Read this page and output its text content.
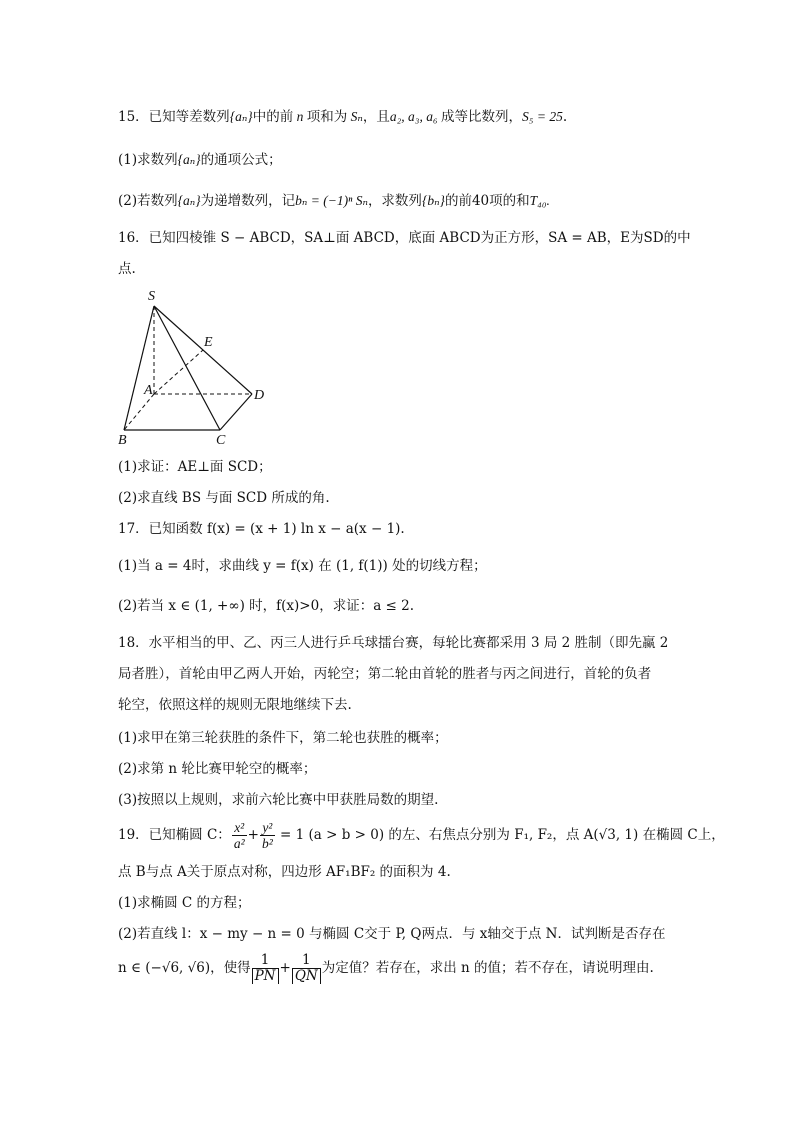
15．已知等差数列{aₙ}中的前 n 项和为 Sₙ，且a₂, a₃, a₆ 成等比数列，S₅ = 25.
(1)求数列{aₙ}的通项公式；
(2)若数列{aₙ}为递增数列，记bₙ = (−1)ⁿ Sₙ，求数列{bₙ}的前40项的和T₄₀.
16．已知四棱锥 S − ABCD，SA⊥面 ABCD，底面 ABCD为正方形，SA = AB，E为SD的中
点.
S
E
A	D
B	C
(1)求证：AE⊥面 SCD；
(2)求直线 BS 与面 SCD 所成的角.
17．已知函数 f(x) = (x + 1) ln x − a(x − 1).
(1)当 a = 4时，求曲线 y = f(x) 在 (1, f(1)) 处的切线方程；
(2)若当 x ∈ (1, +∞) 时，f(x)>0，求证：a ≤ 2.
18．水平相当的甲、乙、丙三人进行乒乓球擂台赛，每轮比赛都采用 3 局 2 胜制（即先赢 2
局者胜），首轮由甲乙两人开始，丙轮空；第二轮由首轮的胜者与丙之间进行，首轮的负者
轮空，依照这样的规则无限地继续下去.
(1)求甲在第三轮获胜的条件下，第二轮也获胜的概率；
(2)求第 n 轮比赛甲轮空的概率；
(3)按照以上规则，求前六轮比赛中甲获胜局数的期望.
19．已知椭圆 C： $\frac{\text{x²}}{\text{a²}} + \frac{\text{y²}}{\text{b²}} = 1$ (a > b > 0) 的左、右焦点分别为 F₁, F₂，点 A(√3, 1) 在椭圆 C上，
点 B与点 A关于原点对称，四边形 AF₁BF₂ 的面积为 4.
(1)求椭圆 C 的方程；
(2)若直线 l：x − my − n = 0 与椭圆 C交于 P, Q两点．与 x轴交于点 N．试判断是否存在
n ∈ (−√6, √6)，使得 $\frac{1}{PN} + \frac{1}{QN}$ 为定值？若存在，求出 n 的值；若不存在，请说明理由.
